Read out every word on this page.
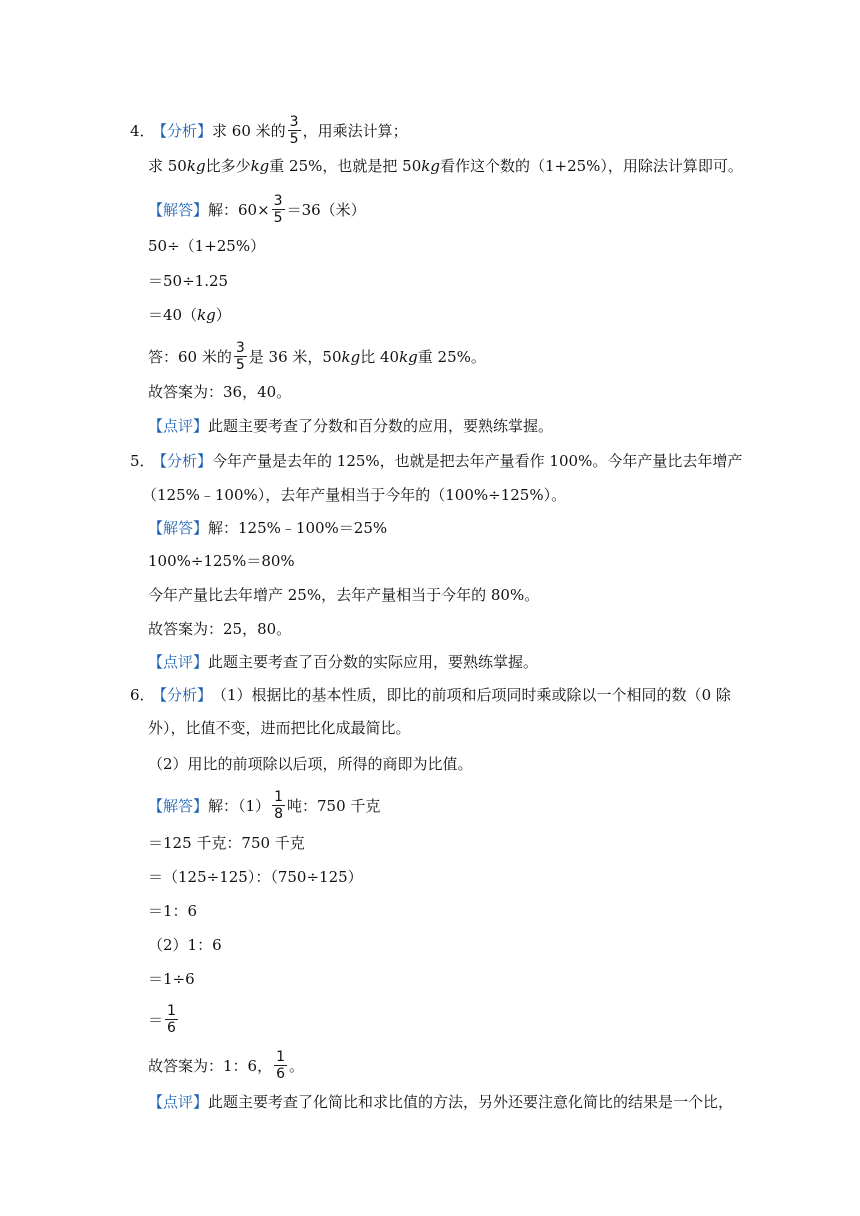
4．
【分析】 求 60 米的 $\frac{3}{5}$ ，用乘法计算；
求 50 kg 比多少 kg 重 25%，也就是把 50 kg 看作这个数的（1+25%），用除法计算即可。
【解答】 解：$60\times \frac{3}{5} =36$（米）
50÷（1+25%）
＝50÷1.25
＝40（ kg ）
答：60 米的 $\frac{3}{5}$ 是 36 米，50 kg 比 40 kg 重 25%。
故答案为：36，40。
【点评】 此题主要考查了分数和百分数的应用，要熟练掌握。
5．
【分析】 今年产量是去年的 125%，也就是把去年产量看作 100%。今年产量比去年增产
（125%﹣100%），去年产量相当于今年的（100%÷125%）。
【解答】 解：125%﹣100%＝25%
100%÷125%＝80%
今年产量比去年增产 25%，去年产量相当于今年的 80%。
故答案为：25，80。
【点评】 此题主要考查了百分数的实际应用，要熟练掌握。
6．
【分析】 （1）根据比的基本性质，即比的前项和后项同时乘或除以一个相同的数（0 除
外），比值不变，进而把比化成最简比。
（2）用比的前项除以后项，所得的商即为比值。
【解答】 解：$(1) \frac{1}{8}$ 吨：750 千克
＝125 千克：750 千克
＝（125÷125）：（750÷125）
＝1：6
（2）1：6
＝1÷6
＝ $\frac{1}{6}$
故答案为：1：6， $\frac{1}{6}$ 。
【点评】 此题主要考查了化简比和求比值的方法，另外还要注意化简比的结果是一个比，
